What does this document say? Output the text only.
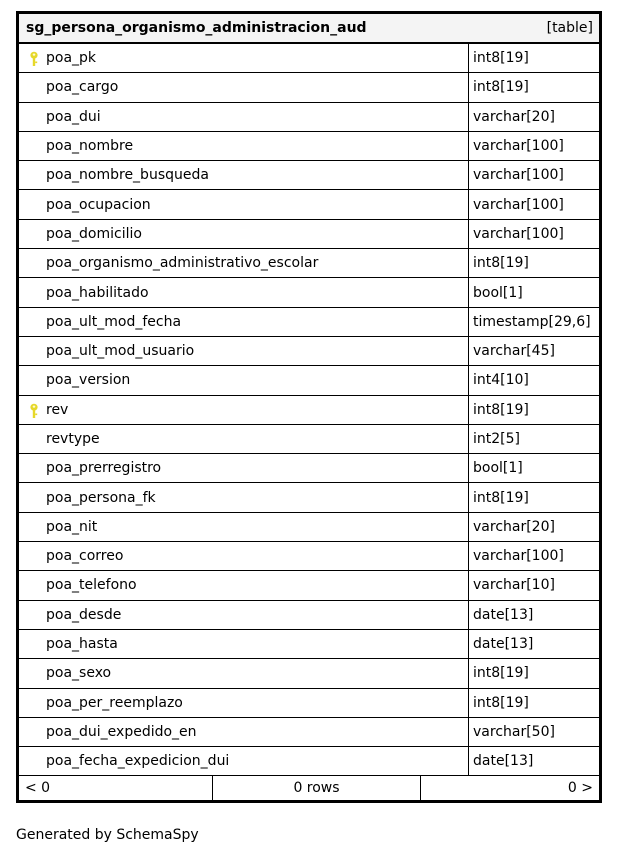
sg_persona_organismo_administracion_aud	[table]
poa_pk	int8[19]
poa_cargo	int8[19]
poa_dui	varchar[20]
poa_nombre	varchar[100]
poa_nombre_busqueda	varchar[100]
poa_ocupacion	varchar[100]
poa_domicilio	varchar[100]
poa_organismo_administrativo_escolar	int8[19]
poa_habilitado	bool[1]
poa_ult_mod_fecha	timestamp[29,6]
poa_ult_mod_usuario	varchar[45]
poa_version	int4[10]
rev	int8[19]
revtype	int2[5]
poa_prerregistro	bool[1]
poa_persona_fk	int8[19]
poa_nit	varchar[20]
poa_correo	varchar[100]
poa_telefono	varchar[10]
poa_desde	date[13]
poa_hasta	date[13]
poa_sexo	int8[19]
poa_per_reemplazo	int8[19]
poa_dui_expedido_en	varchar[50]
poa_fecha_expedicion_dui	date[13]
< 0	0 rows	0 >
Generated by SchemaSpy
